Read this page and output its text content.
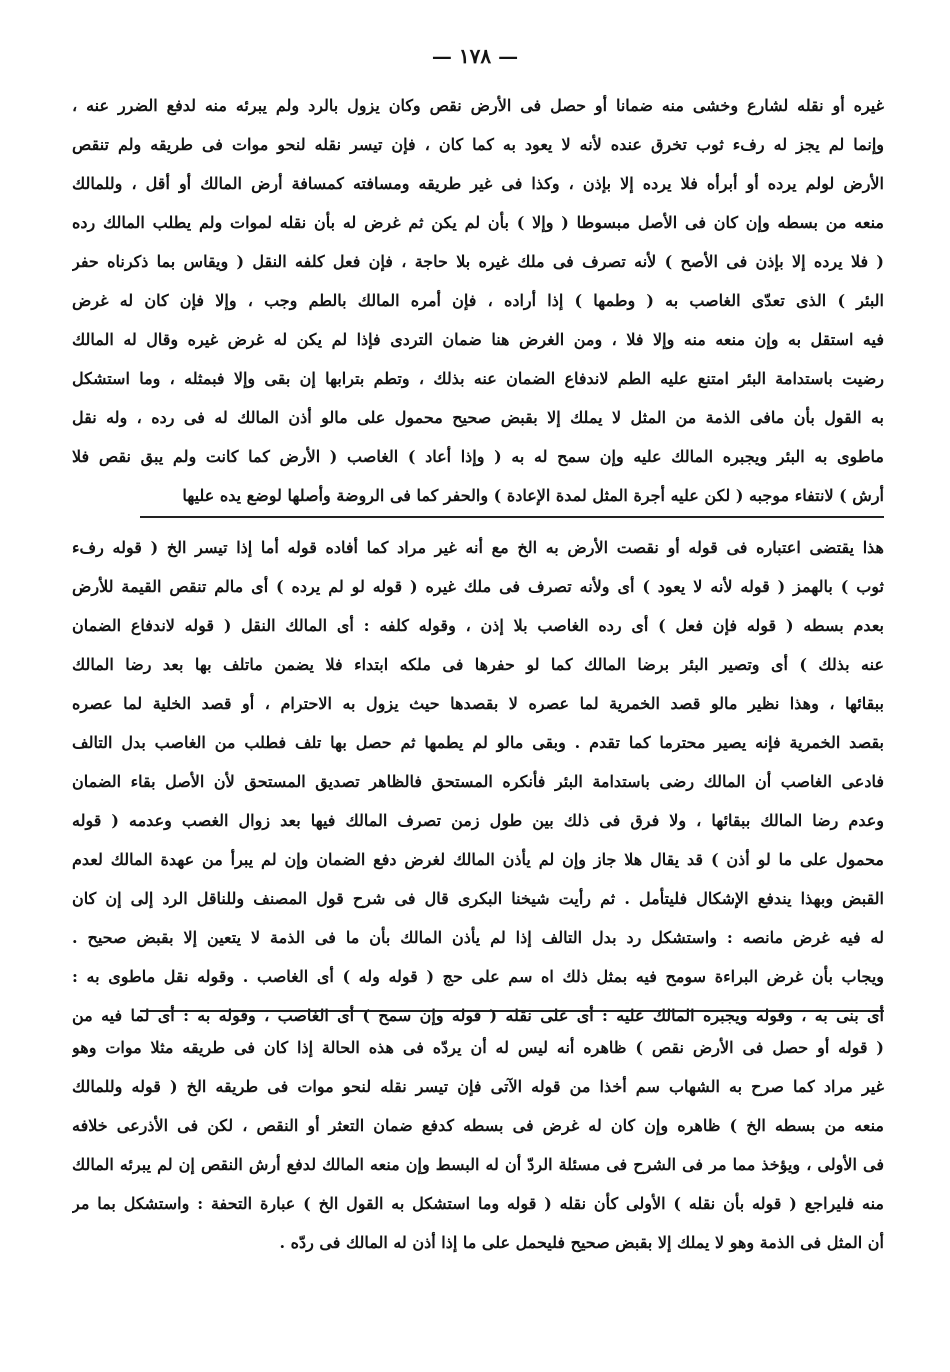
— ١٧٨ —
غيره أو نقله لشارع وخشى منه ضمانا أو حصل فى الأرض نقص وكان يزول بالرد ولم يبرئه منه لدفع الضرر عنه ،
وإنما لم يجز له رفء ثوب تخرق عنده لأنه لا يعود به كما كان ، فإن تيسر نقله لنحو موات فى طريقه ولم تنقص
الأرض لولم يرده أو أبرأه فلا يرده إلا بإذن ، وكذا فى غير طريقه ومسافته كمسافة أرض المالك أو أقل ، وللمالك
منعه من بسطه وإن كان فى الأصل مبسوطا ( وإلا ) بأن لم يكن ثم غرض له بأن نقله لموات ولم يطلب المالك رده
( فلا يرده إلا بإذن فى الأصح ) لأنه تصرف فى ملك غيره بلا حاجة ، فإن فعل كلفه النقل ( ويقاس بما ذكرناه حفر
البئر ) الذى تعدّى الغاصب به ( وطمها ) إذا أراده ، فإن أمره المالك بالطم وجب ، وإلا فإن كان له غرض
فيه استقل به وإن منعه منه وإلا فلا ، ومن الغرض هنا ضمان التردى فإذا لم يكن له غرض غيره وقال له المالك
رضيت باستدامة البئر امتنع عليه الطم لاندفاع الضمان عنه بذلك ، وتطم بترابها إن بقى وإلا فبمثله ، وما استشكل
به القول بأن مافى الذمة من المثل لا يملك إلا بقبض صحيح محمول على مالو أذن المالك له فى رده ، وله نقل
ماطوى به البئر ويجبره المالك عليه وإن سمح له به ( وإذا أعاد ) الغاصب ( الأرض كما كانت ولم يبق نقص فلا
أرش ) لانتفاء موجبه ( لكن عليه أجرة المثل لمدة الإعادة ) والحفر كما فى الروضة وأصلها لوضع يده عليها
هذا يقتضى اعتباره فى قوله أو نقصت الأرض به الخ مع أنه غير مراد كما أفاده قوله أما إذا تيسر الخ ( قوله رفء
ثوب ) بالهمز ( قوله لأنه لا يعود ) أى ولأنه تصرف فى ملك غيره ( قوله لو لم يرده ) أى مالم تنقص القيمة للأرض
بعدم بسطه ( قوله فإن فعل ) أى رده الغاصب بلا إذن ، وقوله كلفه : أى المالك النقل ( قوله لاندفاع الضمان
عنه بذلك ) أى وتصير البئر برضا المالك كما لو حفرها فى ملكه ابتداء فلا يضمن ماتلف بها بعد رضا المالك
ببقائها ، وهذا نظير مالو قصد الخمرية لما عصره لا بقصدها حيث يزول به الاحترام ، أو قصد الخلية لما عصره
بقصد الخمرية فإنه يصير محترما كما تقدم . وبقى مالو لم يطمها ثم حصل بها تلف فطلب من الغاصب بدل التالف
فادعى الغاصب أن المالك رضى باستدامة البئر فأنكره المستحق فالظاهر تصديق المستحق لأن الأصل بقاء الضمان
وعدم رضا المالك ببقائها ، ولا فرق فى ذلك بين طول زمن تصرف المالك فيها بعد زوال الغصب وعدمه ( قوله
محمول على ما لو أذن ) قد يقال هلا جاز وإن لم يأذن المالك لغرض دفع الضمان وإن لم يبرأ من عهدة المالك لعدم
القبض وبهذا يندفع الإشكال فليتأمل . ثم رأيت شيخنا البكرى قال فى شرح قول المصنف وللناقل الرد إلى إن كان
له فيه غرض مانصه : واستشكل رد بدل التالف إذا لم يأذن المالك بأن ما فى الذمة لا يتعين إلا بقبض صحيح .
ويجاب بأن غرض البراءة سومح فيه بمثل ذلك اه سم على حج ( قوله وله ) أى الغاصب . وقوله نقل ماطوى به :
أى بنى به ، وقوله ويجبره المالك عليه : أى على نقله ( قوله وإن سمح ) أى الغاصب ، وقوله به : أى لما فيه من
( قوله أو حصل فى الأرض نقص ) ظاهره أنه ليس له أن يردّه فى هذه الحالة إذا كان فى طريقه مثلا موات وهو
غير مراد كما صرح به الشهاب سم أخذا من قوله الآتى فإن تيسر نقله لنحو موات فى طريقه الخ ( قوله وللمالك
منعه من بسطه الخ ) ظاهره وإن كان له غرض فى بسطه كدفع ضمان التعثر أو النقص ، لكن فى الأذرعى خلافه
فى الأولى ، ويؤخذ مما مر فى الشرح فى مسئلة الردّ أن له البسط وإن منعه المالك لدفع أرش النقص إن لم يبرئه المالك
منه فليراجع ( قوله بأن نقله ) الأولى كأن نقله ( قوله وما استشكل به القول الخ ) عبارة التحفة : واستشكل بما مر
أن المثل فى الذمة وهو لا يملك إلا بقبض صحيح فليحمل على ما إذا أذن له المالك فى ردّه .
